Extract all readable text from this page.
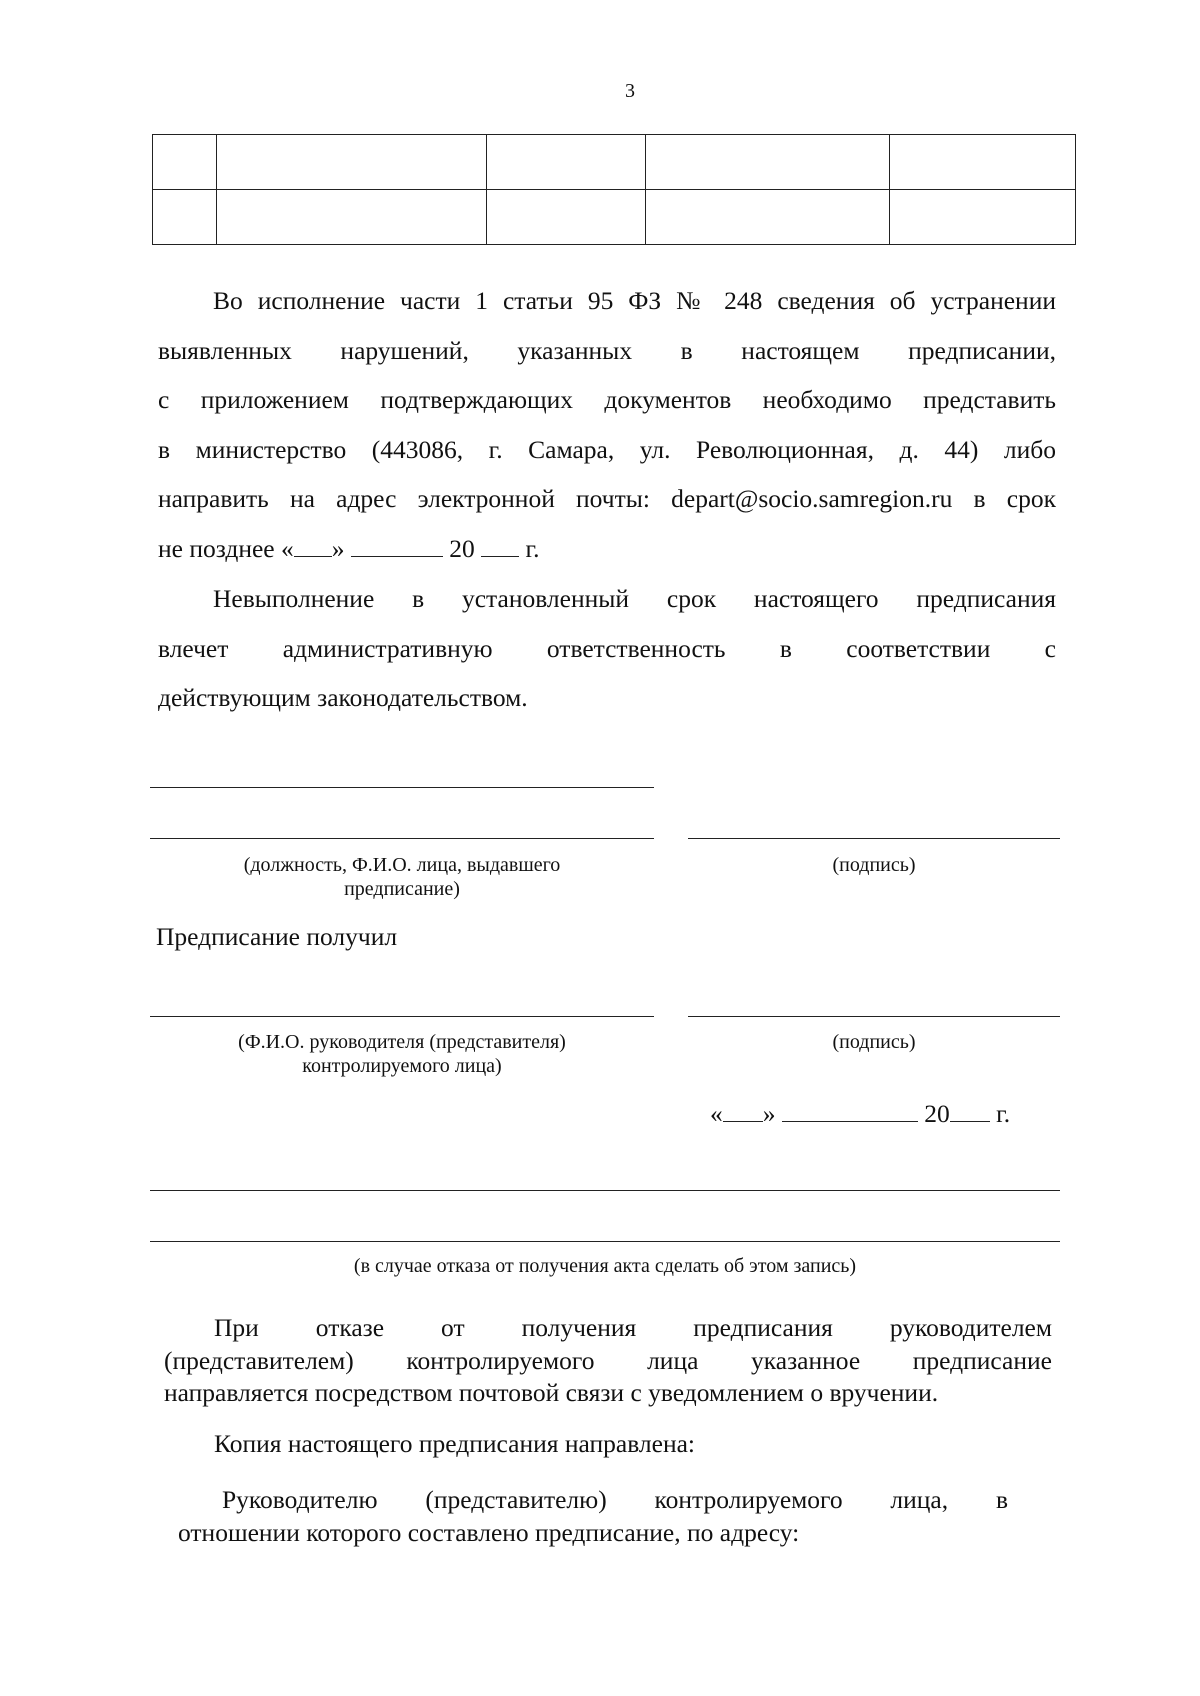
3

Во исполнение части 1 статьи 95 ФЗ № 248 сведения об устранении
выявленных нарушений, указанных в настоящем предписании,
с приложением подтверждающих документов необходимо представить
в министерство (443086, г. Самара, ул. Революционная, д. 44) либо
направить на адрес электронной почты: depart@socio.samregion.ru в срок
не позднее « »	20 г.
Невыполнение в установленный срок настоящего предписания
влечет административную ответственность в соответствии с
действующим законодательством.
(должность, Ф.И.О. лица, выдавшего предписание)
(подпись)
Предписание получил
(Ф.И.О. руководителя (представителя) контролируемого лица)
(подпись)
« »	20 г.
(в случае отказа от получения акта сделать об этом запись)
При отказе от получения предписания руководителем
(представителем) контролируемого лица указанное предписание
направляется посредством почтовой связи с уведомлением о вручении.
Копия настоящего предписания направлена:
Руководителю (представителю) контролируемого лица, в
отношении которого составлено предписание, по адресу:
